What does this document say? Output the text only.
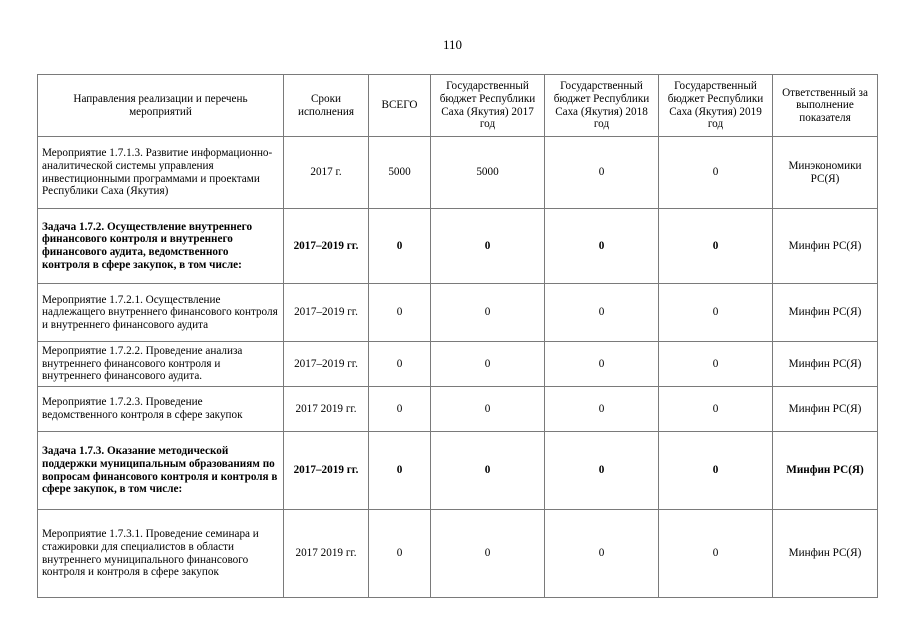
110
Направления реализации и перечень мероприятий	Сроки исполнения	ВСЕГО	Государственный бюджет Республики Саха (Якутия) 2017 год	Государственный бюджет Республики Саха (Якутия) 2018 год	Государственный бюджет Республики Саха (Якутия) 2019 год	Ответственный за выполнение показателя
Мероприятие 1.7.1.3. Развитие информационно-аналитической системы управления инвестиционными программами и проектами Республики Саха (Якутия)	2017 г.	5000	5000	0	0	Минэкономики РС(Я)
Задача 1.7.2. Осуществление внутреннего финансового контроля и внутреннего финансового аудита, ведомственного контроля в сфере закупок, в том числе:	2017–2019 гг.	0	0	0	0	Минфин РС(Я)
Мероприятие 1.7.2.1. Осуществление надлежащего внутреннего финансового контроля и внутреннего финансового аудита	2017–2019 гг.	0	0	0	0	Минфин РС(Я)
Мероприятие 1.7.2.2. Проведение анализа внутреннего финансового контроля и внутреннего финансового аудита.	2017–2019 гг.	0	0	0	0	Минфин РС(Я)
Мероприятие 1.7.2.3. Проведение ведомственного контроля в сфере закупок	2017 2019 гг.	0	0	0	0	Минфин РС(Я)
Задача 1.7.3. Оказание методической поддержки муниципальным образованиям по вопросам финансового контроля и контроля в сфере закупок, в том числе:	2017–2019 гг.	0	0	0	0	Минфин РС(Я)
Мероприятие 1.7.3.1. Проведение семинара и стажировки для специалистов в области внутреннего муниципального финансового контроля и контроля в сфере закупок	2017 2019 гг.	0	0	0	0	Минфин РС(Я)
